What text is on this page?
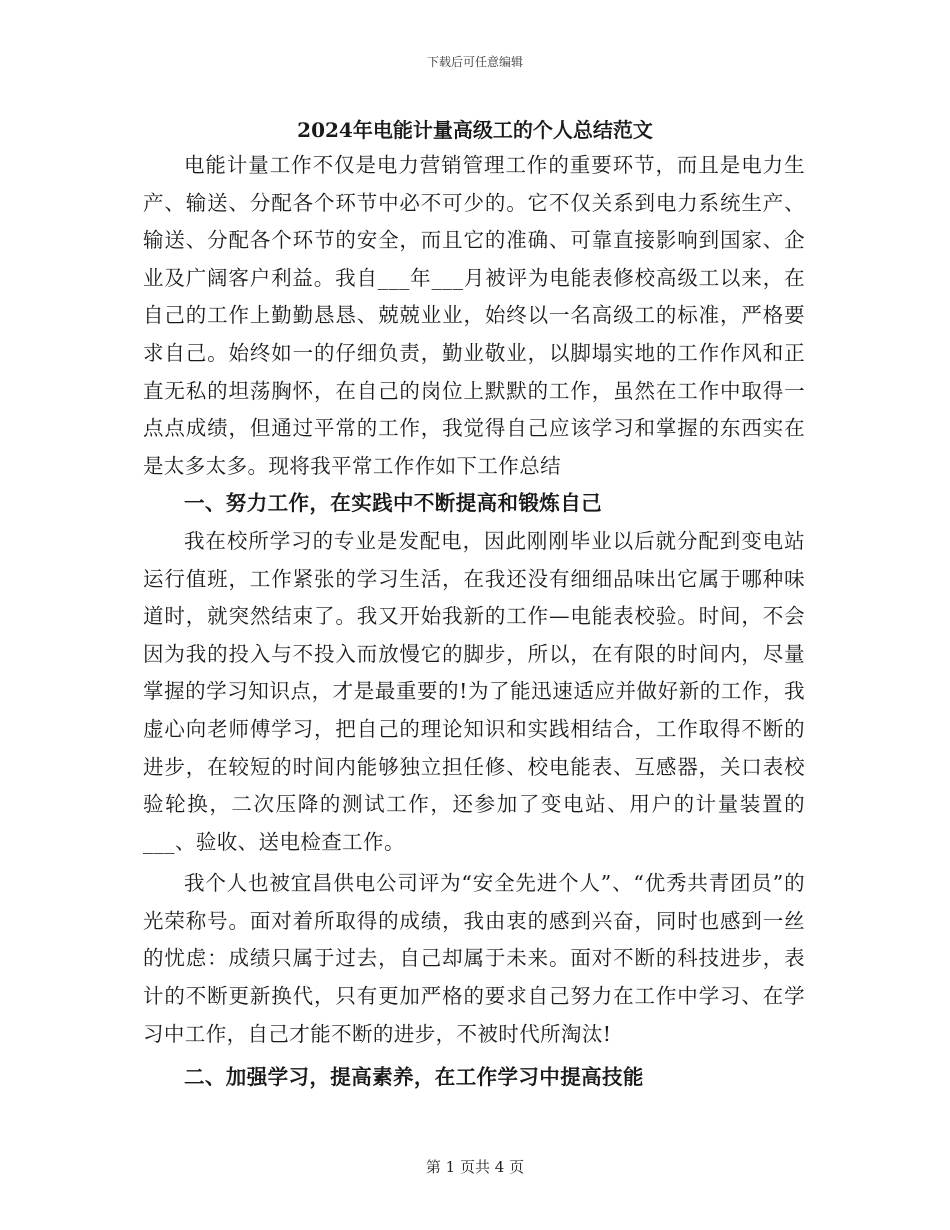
下载后可任意编辑
2024年电能计量高级工的个人总结范文

电能计量工作不仅是电力营销管理工作的重要环节，而且是电力生产、输送、分配各个环节中必不可少的。它不仅关系到电力系统生产、输送、分配各个环节的安全，而且它的准确、可靠直接影响到国家、企业及广阔客户利益。我自___年___月被评为电能表修校高级工以来，在自己的工作上勤勤恳恳、兢兢业业，始终以一名高级工的标准，严格要求自己。始终如一的仔细负责，勤业敬业，以脚塌实地的工作作风和正直无私的坦荡胸怀，在自己的岗位上默默的工作，虽然在工作中取得一点点成绩，但通过平常的工作，我觉得自己应该学习和掌握的东西实在是太多太多。现将我平常工作作如下工作总结

一、努力工作，在实践中不断提高和锻炼自己

我在校所学习的专业是发配电，因此刚刚毕业以后就分配到变电站运行值班，工作紧张的学习生活，在我还没有细细品味出它属于哪种味道时，就突然结束了。我又开始我新的工作—电能表校验。时间，不会因为我的投入与不投入而放慢它的脚步，所以，在有限的时间内，尽量掌握的学习知识点，才是最重要的!为了能迅速适应并做好新的工作，我虚心向老师傅学习，把自己的理论知识和实践相结合，工作取得不断的进步，在较短的时间内能够独立担任修、校电能表、互感器，关口表校验轮换，二次压降的测试工作，还参加了变电站、用户的计量装置的___、验收、送电检查工作。

我个人也被宜昌供电公司评为“安全先进个人”、“优秀共青团员”的光荣称号。面对着所取得的成绩，我由衷的感到兴奋，同时也感到一丝的忧虑：成绩只属于过去，自己却属于未来。面对不断的科技进步，表计的不断更新换代，只有更加严格的要求自己努力在工作中学习、在学习中工作，自己才能不断的进步，不被时代所淘汰!

二、加强学习，提高素养，在工作学习中提高技能

第 1 页共 4 页
